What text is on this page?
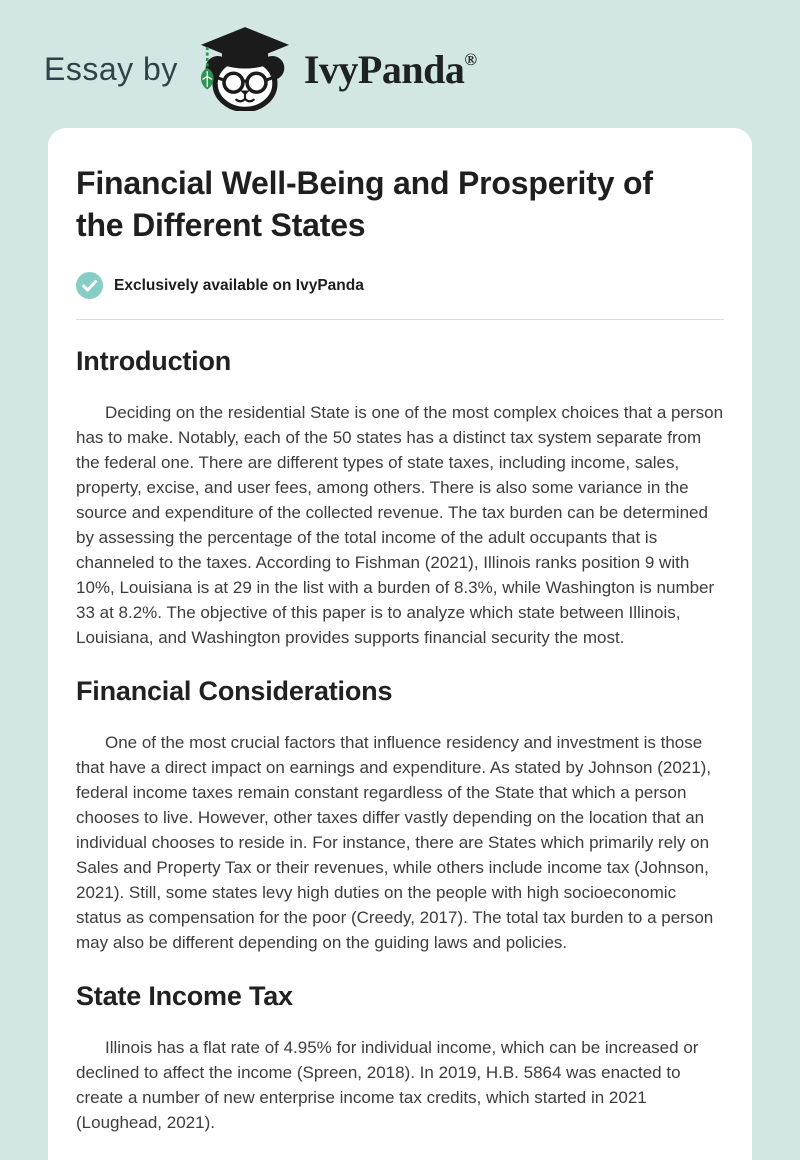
Essay by	IvyPanda®
Financial Well-Being and Prosperity of
the Different States
Exclusively available on IvyPanda
Introduction

Deciding on the residential State is one of the most complex choices that a person has to make. Notably, each of the 50 states has a distinct tax system separate from the federal one. There are different types of state taxes, including income, sales, property, excise, and user fees, among others. There is also some variance in the source and expenditure of the collected revenue. The tax burden can be determined by assessing the percentage of the total income of the adult occupants that is channeled to the taxes. According to Fishman (2021), Illinois ranks position 9 with 10%, Louisiana is at 29 in the list with a burden of 8.3%, while Washington is number 33 at 8.2%. The objective of this paper is to analyze which state between Illinois, Louisiana, and Washington provides supports financial security the most.

Financial Considerations

One of the most crucial factors that influence residency and investment is those that have a direct impact on earnings and expenditure. As stated by Johnson (2021), federal income taxes remain constant regardless of the State that which a person chooses to live. However, other taxes differ vastly depending on the location that an individual chooses to reside in. For instance, there are States which primarily rely on Sales and Property Tax or their revenues, while others include income tax (Johnson, 2021). Still, some states levy high duties on the people with high socioeconomic status as compensation for the poor (Creedy, 2017). The total tax burden to a person may also be different depending on the guiding laws and policies.

State Income Tax

Illinois has a flat rate of 4.95% for individual income, which can be increased or declined to affect the income (Spreen, 2018). In 2019, H.B. 5864 was enacted to create a number of new enterprise income tax credits, which started in 2021 (Loughead, 2021).
